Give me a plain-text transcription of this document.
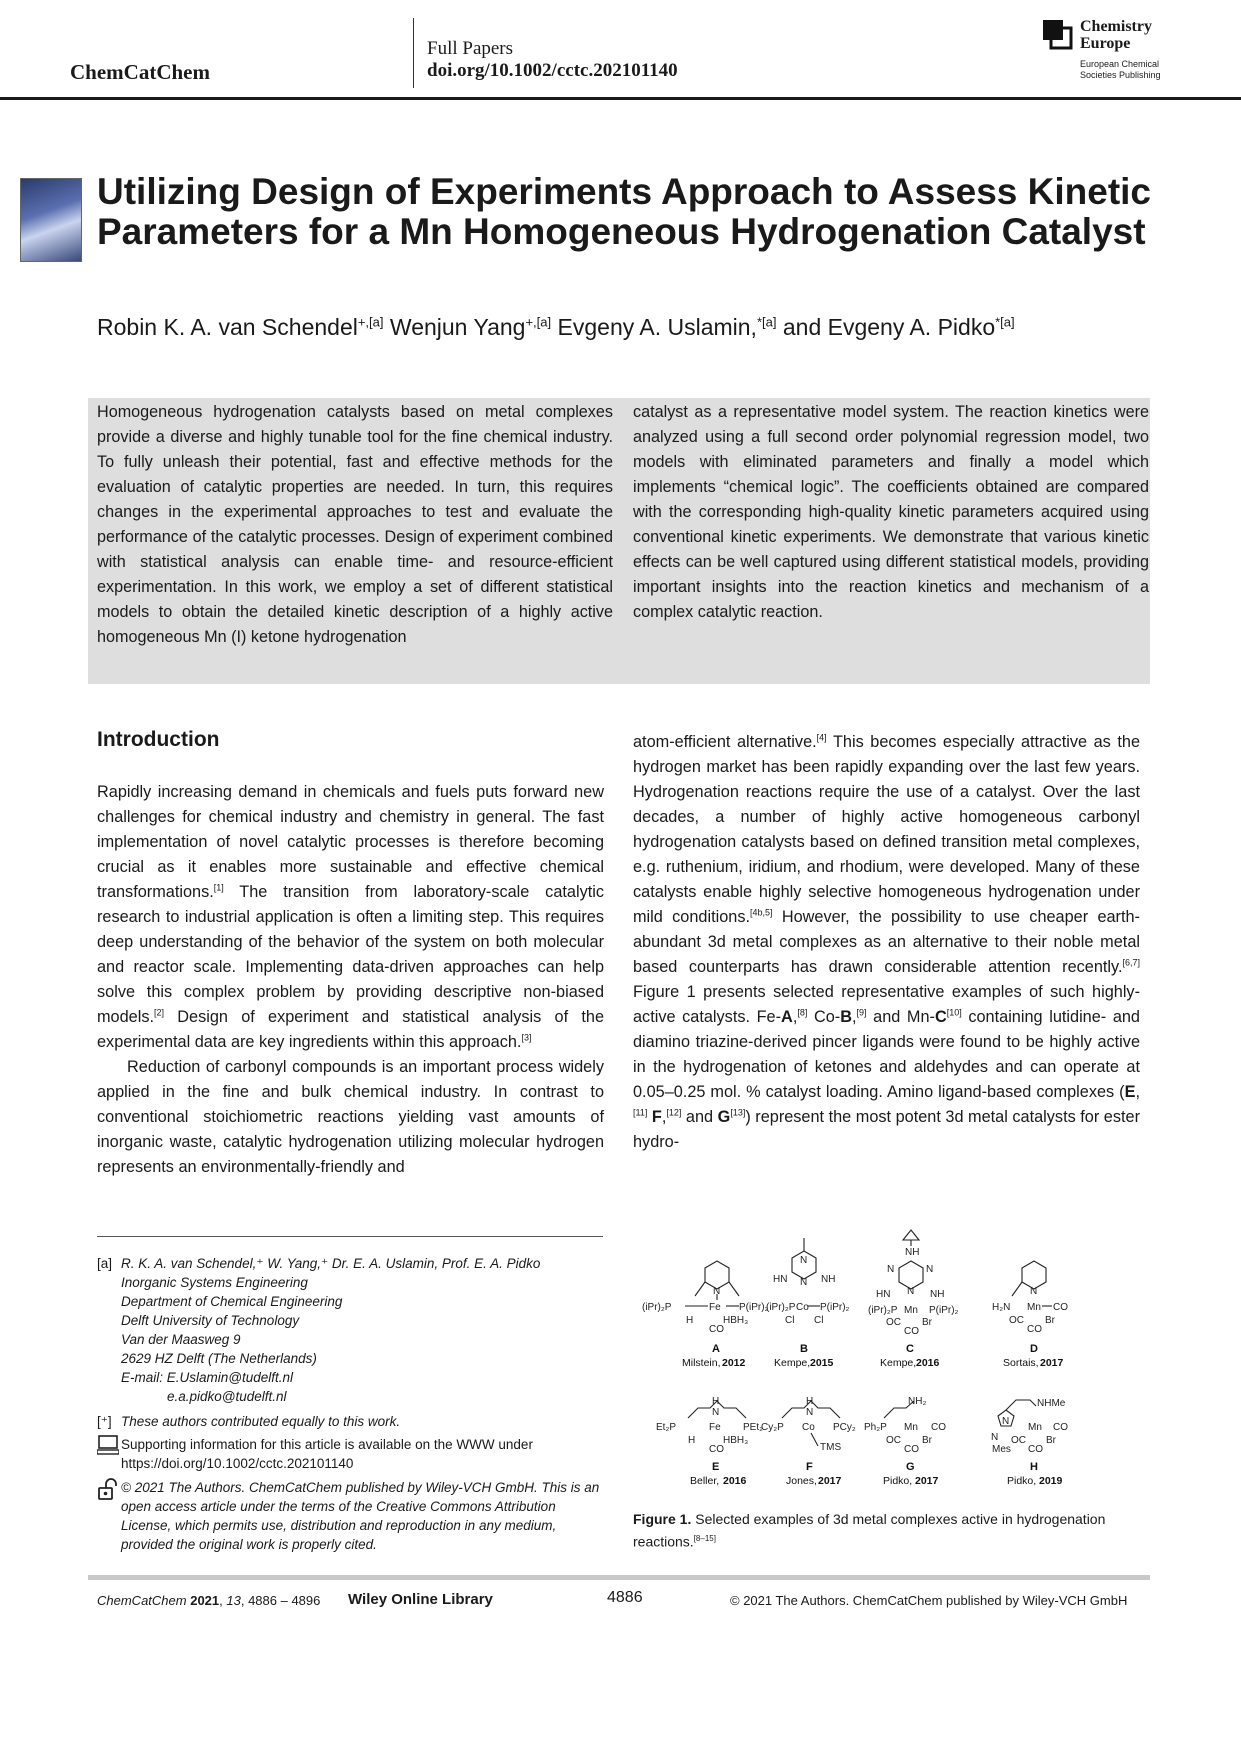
ChemCatChem
Full Papers
doi.org/10.1002/cctc.202101140
Chemistry
Europe
European Chemical
Societies Publishing
Utilizing Design of Experiments Approach to Assess Kinetic Parameters for a Mn Homogeneous Hydrogenation Catalyst
Robin K. A. van Schendel$^{+,[a]}$ Wenjun Yang$^{+,[a]}$ Evgeny A. Uslamin,$^{*[a]}$ and Evgeny A. Pidko$^{*[a]}$
Homogeneous hydrogenation catalysts based on metal complexes provide a diverse and highly tunable tool for the fine chemical industry. To fully unleash their potential, fast and effective methods for the evaluation of catalytic properties are needed. In turn, this requires changes in the experimental approaches to test and evaluate the performance of the catalytic processes. Design of experiment combined with statistical analysis can enable time- and resource-efficient experimentation. In this work, we employ a set of different statistical models to obtain the detailed kinetic description of a highly active homogeneous Mn (I) ketone hydrogenation
catalyst as a representative model system. The reaction kinetics were analyzed using a full second order polynomial regression model, two models with eliminated parameters and finally a model which implements “chemical logic”. The coefficients obtained are compared with the corresponding high-quality kinetic parameters acquired using conventional kinetic experiments. We demonstrate that various kinetic effects can be well captured using different statistical models, providing important insights into the reaction kinetics and mechanism of a complex catalytic reaction.
Introduction

Rapidly increasing demand in chemicals and fuels puts forward new challenges for chemical industry and chemistry in general. The fast implementation of novel catalytic processes is therefore becoming crucial as it enables more sustainable and effective chemical transformations.[1] The transition from laboratory-scale catalytic research to industrial application is often a limiting step. This requires deep understanding of the behavior of the system on both molecular and reactor scale. Implementing data-driven approaches can help solve this complex problem by providing descriptive non-biased models.[2] Design of experiment and statistical analysis of the experimental data are key ingredients within this approach.[3]

Reduction of carbonyl compounds is an important process widely applied in the fine and bulk chemical industry. In contrast to conventional stoichiometric reactions yielding vast amounts of inorganic waste, catalytic hydrogenation utilizing molecular hydrogen represents an environmentally-friendly and

atom-efficient alternative.[4] This becomes especially attractive as the hydrogen market has been rapidly expanding over the last few years. Hydrogenation reactions require the use of a catalyst. Over the last decades, a number of highly active homogeneous carbonyl hydrogenation catalysts based on defined transition metal complexes, e.g. ruthenium, iridium, and rhodium, were developed. Many of these catalysts enable highly selective homogeneous hydrogenation under mild conditions.[4b,5] However, the possibility to use cheaper earth-abundant 3d metal complexes as an alternative to their noble metal based counterparts has drawn considerable attention recently.[6,7] Figure 1 presents selected representative examples of such highly-active catalysts. Fe-A,[8] Co-B,[9] and Mn-C[10] containing lutidine- and diamino triazine-derived pincer ligands were found to be highly active in the hydrogenation of ketones and aldehydes and can operate at 0.05–0.25 mol. % catalyst loading. Amino ligand-based complexes (E,[11] F,[12] and G[13]) represent the most potent 3d metal catalysts for ester hydro-

[a] R. K. A. van Schendel,⁺ W. Yang,⁺ Dr. E. A. Uslamin, Prof. E. A. Pidko
Inorganic Systems Engineering
Department of Chemical Engineering
Delft University of Technology
Van der Maasweg 9
2629 HZ Delft (The Netherlands)
E-mail: E.Uslamin@tudelft.nl
e.a.pidko@tudelft.nl
[⁺] These authors contributed equally to this work.
Supporting information for this article is available on the WWW under https://doi.org/10.1002/cctc.202101140
© 2021 The Authors. ChemCatChem published by Wiley-VCH GmbH. This is an open access article under the terms of the Creative Commons Attribution License, which permits use, distribution and reproduction in any medium, provided the original work is properly cited.
N
(iPr)₂P	P(iPr)₂
Fe
H	HBH₃
CO
N
N
HN	NH
(iPr)₂P P(iPr)₂
Co
Cl Cl
NH
N	N
N
HN	NH
(iPr)₂P	P(iPr)₂
Mn
OC Br
CO
N
H₂N Mn CO
OC Br
CO
H
N
Et₂P	Fe PEt₂
H	HBH₃
CO
H
N
Cy₂P Co PCy₂
TMS
NH₂
Ph₂P Mn CO
OC Br
CO
NHMe
N
Mn CO
N OC Br
CO
Mes
A
Milstein, 2012
B
Kempe, 2015
C
Kempe, 2016
D
Sortais, 2017
E
Beller, 2016
F
Jones, 2017
G
Pidko, 2017
H
Pidko, 2019
Figure 1. Selected examples of 3d metal complexes active in hydrogenation reactions.[8–15]
ChemCatChem 2021, 13, 4886 – 4896 Wiley Online Library	4886	© 2021 The Authors. ChemCatChem published by Wiley-VCH GmbH
